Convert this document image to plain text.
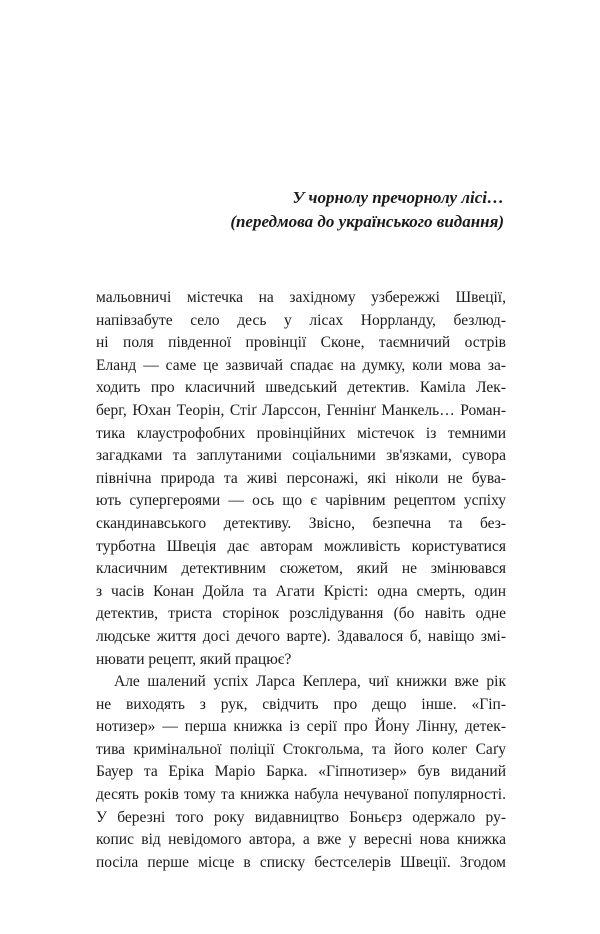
У чорнолу пречорнолу лісі…
(передмова до українського видання)
мальовничі містечка на західному узбережжі Швеції,
напівзабуте село десь у лісах Норрланду, безлюд-
ні поля південної провінції Сконе, таємничий острів
Еланд — саме це зазвичай спадає на думку, коли мова за-
ходить про класичний шведський детектив. Каміла Лек-
берг, Юхан Теорін, Стіґ Ларссон, Геннінґ Манкель… Роман-
тика клаустрофобних провінційних містечок із темними
загадками та заплутаними соціальними зв'язками, сувора
північна природа та живі персонажі, які ніколи не бува-
ють супергероями — ось що є чарівним рецептом успіху
скандинавського детективу. Звісно, безпечна та без-
турботна Швеція дає авторам можливість користуватися
класичним детективним сюжетом, який не змінювався
з часів Конан Дойла та Агати Крісті: одна смерть, один
детектив, триста сторінок розслідування (бо навіть одне
людське життя досі дечого варте). Здавалося б, навіщо змі-
нювати рецепт, який працює?
Але шалений успіх Ларса Кеплера, чиї книжки вже рік
не виходять з рук, свідчить про дещо інше. «Гіп-
нотизер» — перша книжка із серії про Йону Лінну, детек-
тива кримінальної поліції Стокгольма, та його колег Саґу
Бауер та Еріка Маріо Барка. «Гіпнотизер» був виданий
десять років тому та книжка набула нечуваної популярності.
У березні того року видавництво Боньєрз одержало ру-
копис від невідомого автора, а вже у вересні нова книжка
посіла перше місце в списку бестселерів Швеції. Згодом
